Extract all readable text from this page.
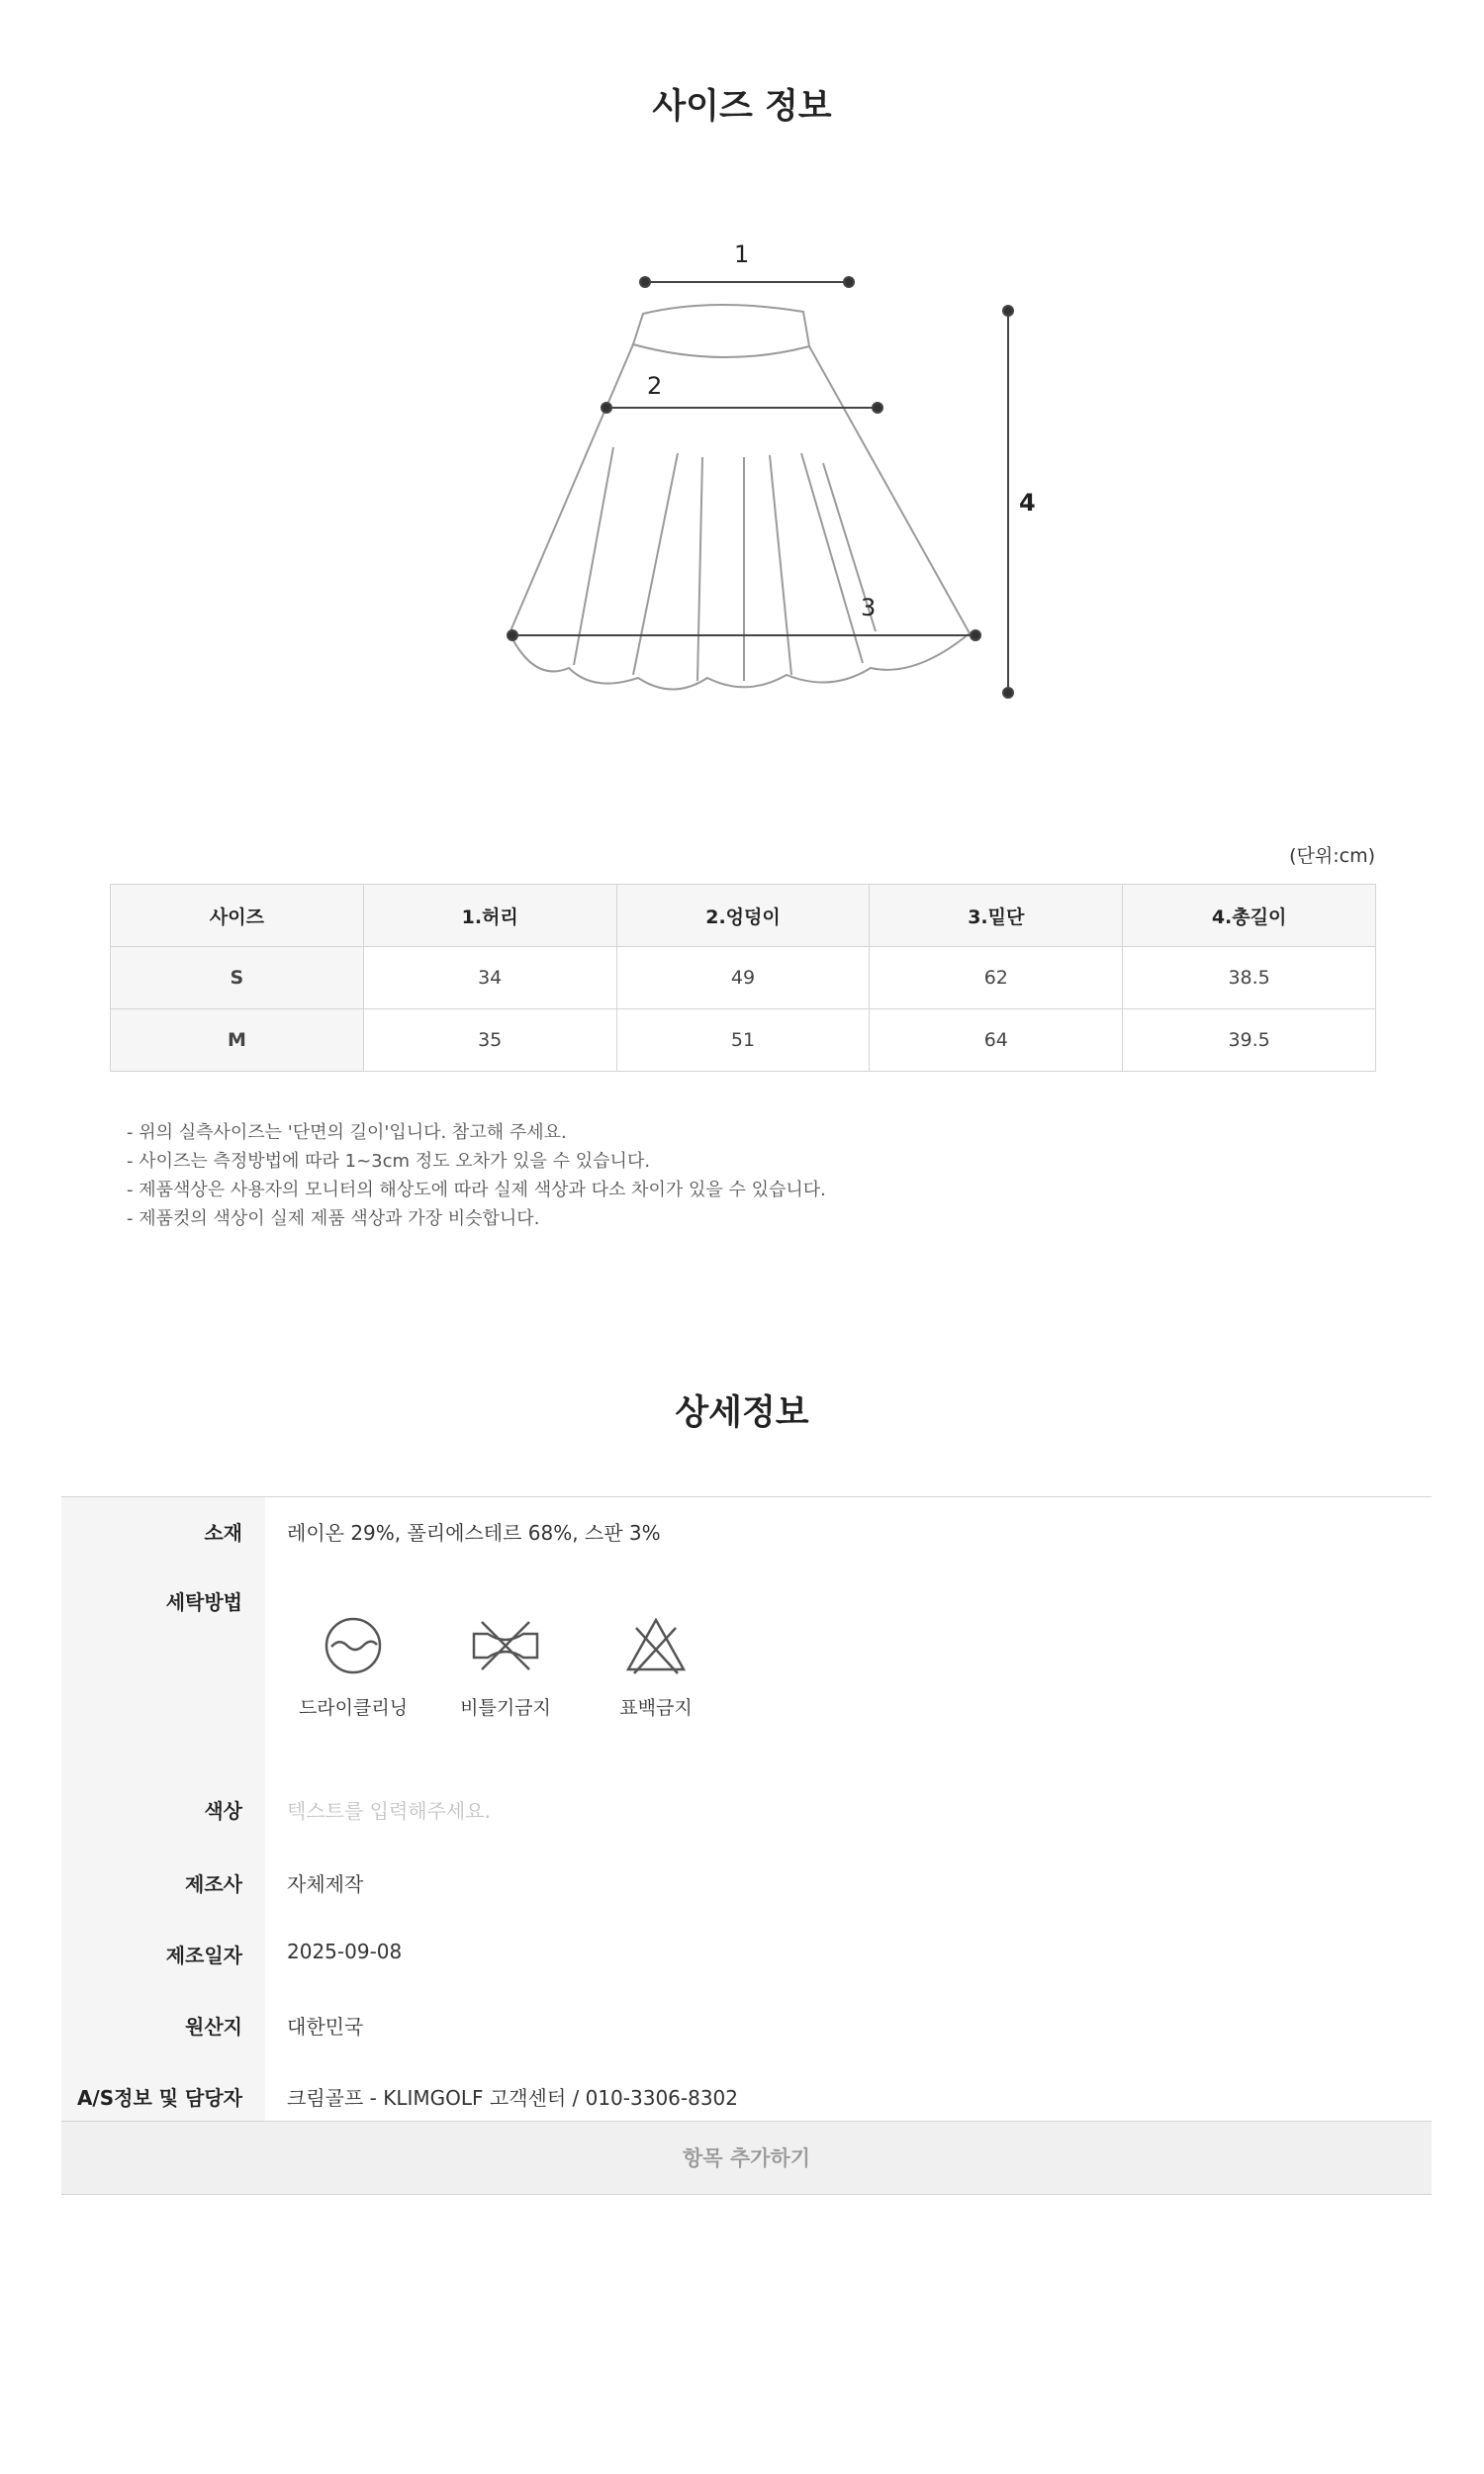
사이즈 정보
1
2
3
4
(단위:cm)
사이즈	1.허리	2.엉덩이	3.밑단	4.총길이
S	34	49	62	38.5
M	35	51	64	39.5
- 위의 실측사이즈는 '단면의 길이'입니다. 참고해 주세요.
- 사이즈는 측정방법에 따라 1~3cm 정도 오차가 있을 수 있습니다.
- 제품색상은 사용자의 모니터의 해상도에 따라 실제 색상과 다소 차이가 있을 수 있습니다.
- 제품컷의 색상이 실제 제품 색상과 가장 비슷합니다.
상세정보
소재 레이온 29%, 폴리에스테르 68%, 스판 3%
세탁방법
드라이클리닝	비틀기금지	표백금지
색상 텍스트를 입력해주세요.
제조사 자체제작
제조일자 2025-09-08
원산지 대한민국
A/S정보 및 담당자 크림골프 - KLIMGOLF 고객센터 / 010-3306-8302
항목 추가하기
